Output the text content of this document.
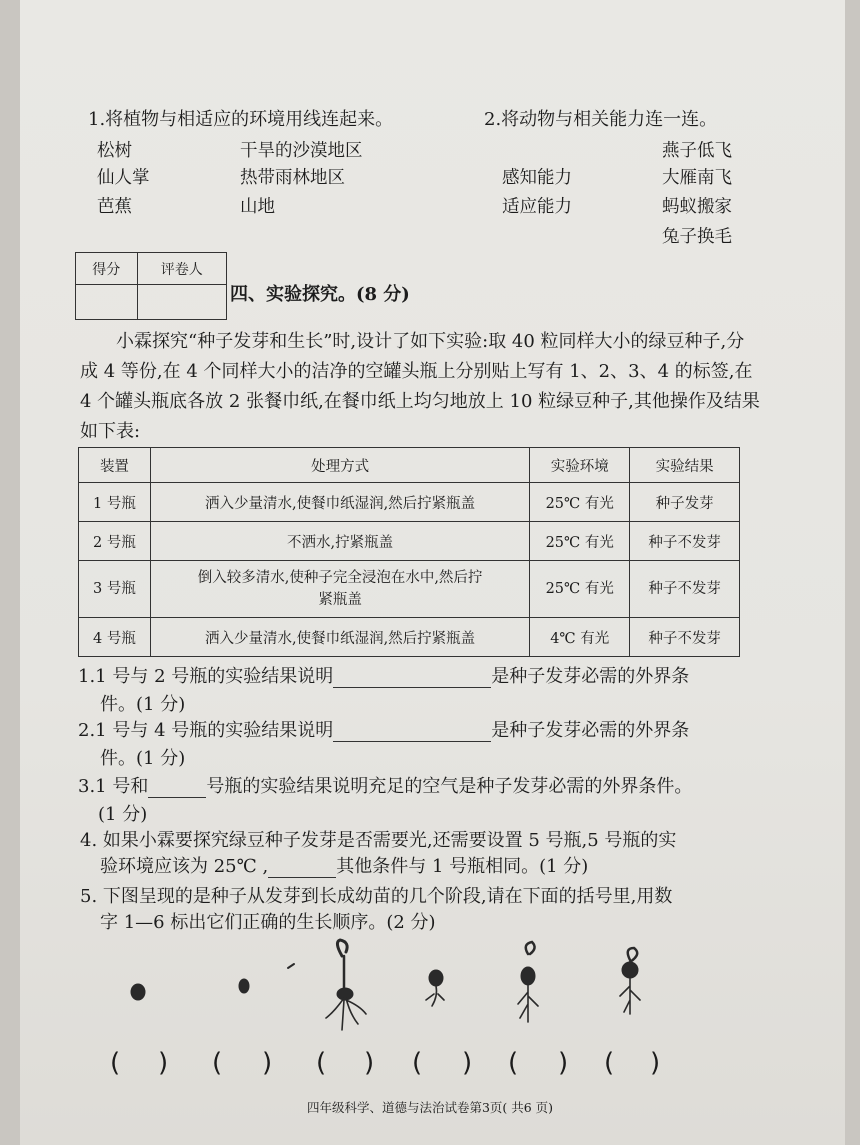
1.将植物与相适应的环境用线连起来。
松树
仙人掌
芭蕉
干旱的沙漠地区
热带雨林地区
山地
2.将动物与相关能力连一连。
感知能力
适应能力
燕子低飞
大雁南飞
蚂蚁搬家
兔子换毛
得分	评卷人

四、实验探究。(8 分)
小霖探究“种子发芽和生长”时,设计了如下实验:取 40 粒同样大小的绿豆种子,分成 4 等份,在 4 个同样大小的洁净的空罐头瓶上分别贴上写有 1、2、3、4 的标签,在 4 个罐头瓶底各放 2 张餐巾纸,在餐巾纸上均匀地放上 10 粒绿豆种子,其他操作及结果如下表:
装置	处理方式	实验环境	实验结果
1 号瓶	洒入少量清水,使餐巾纸湿润,然后拧紧瓶盖	25℃ 有光	种子发芽
2 号瓶	不洒水,拧紧瓶盖	25℃ 有光	种子不发芽
3 号瓶	倒入较多清水,使种子完全浸泡在水中,然后拧紧瓶盖	25℃ 有光	种子不发芽
4 号瓶	洒入少量清水,使餐巾纸湿润,然后拧紧瓶盖	4℃ 有光	种子不发芽
1.1 号与 2 号瓶的实验结果说明	是种子发芽必需的外界条
件。(1 分)
2.1 号与 4 号瓶的实验结果说明	是种子发芽必需的外界条
件。(1 分)
3.1 号和	号瓶的实验结果说明充足的空气是种子发芽必需的外界条件。
(1 分)
4. 如果小霖要探究绿豆种子发芽是否需要光,还需要设置 5 号瓶,5 号瓶的实
验环境应该为 25℃ ,	其他条件与 1 号瓶相同。(1 分)
5. 下图呈现的是种子从发芽到长成幼苗的几个阶段,请在下面的括号里,用数
字 1—6 标出它们正确的生长顺序。(2 分)
( ) ( ) ( ) ( ) ( ) ( )
四年级科学、道德与法治试卷第3页( 共6 页)
